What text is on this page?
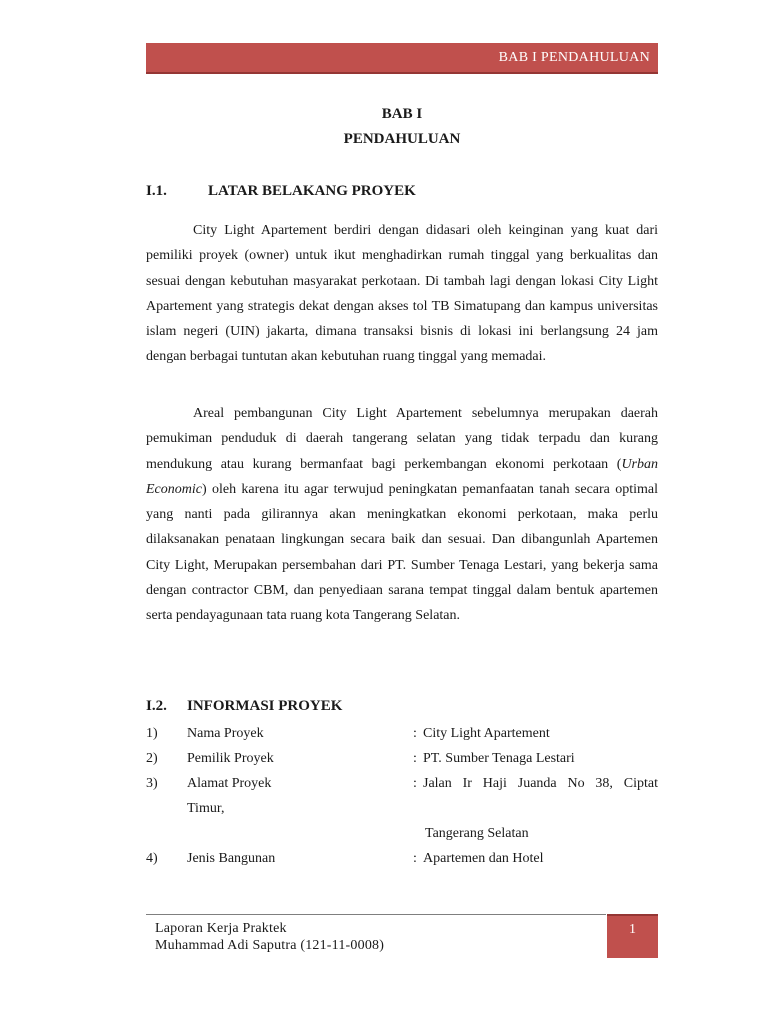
BAB I PENDAHULUAN
BAB I
PENDAHULUAN
I.1.	LATAR BELAKANG PROYEK

City Light Apartement berdiri dengan didasari oleh keinginan yang kuat dari pemiliki proyek (owner) untuk ikut menghadirkan rumah tinggal yang berkualitas dan sesuai dengan kebutuhan masyarakat perkotaan. Di tambah lagi dengan lokasi City Light Apartement yang strategis dekat dengan akses tol TB Simatupang dan kampus universitas islam negeri (UIN) jakarta, dimana transaksi bisnis di lokasi ini berlangsung 24 jam dengan berbagai tuntutan akan kebutuhan ruang tinggal yang memadai.

Areal pembangunan City Light Apartement sebelumnya merupakan daerah pemukiman penduduk di daerah tangerang selatan yang tidak terpadu dan kurang mendukung atau kurang bermanfaat bagi perkembangan ekonomi perkotaan (Urban Economic) oleh karena itu agar terwujud peningkatan pemanfaatan tanah secara optimal yang nanti pada gilirannya akan meningkatkan ekonomi perkotaan, maka perlu dilaksanakan penataan lingkungan secara baik dan sesuai. Dan dibangunlah Apartemen City Light, Merupakan persembahan dari PT. Sumber Tenaga Lestari, yang bekerja sama dengan contractor CBM, dan penyediaan sarana tempat tinggal dalam bentuk apartemen serta pendayagunaan tata ruang kota Tangerang Selatan.

I.2. INFORMASI PROYEK
1) Nama Proyek	: City Light Apartement
2) Pemilik Proyek	: PT. Sumber Tenaga Lestari
3) Alamat Proyek	: Jalan Ir Haji Juanda No 38, Ciptat
Timur,
Tangerang Selatan
4) Jenis Bangunan	: Apartemen dan Hotel
Laporan Kerja Praktek
Muhammad Adi Saputra (121-11-0008)
1
